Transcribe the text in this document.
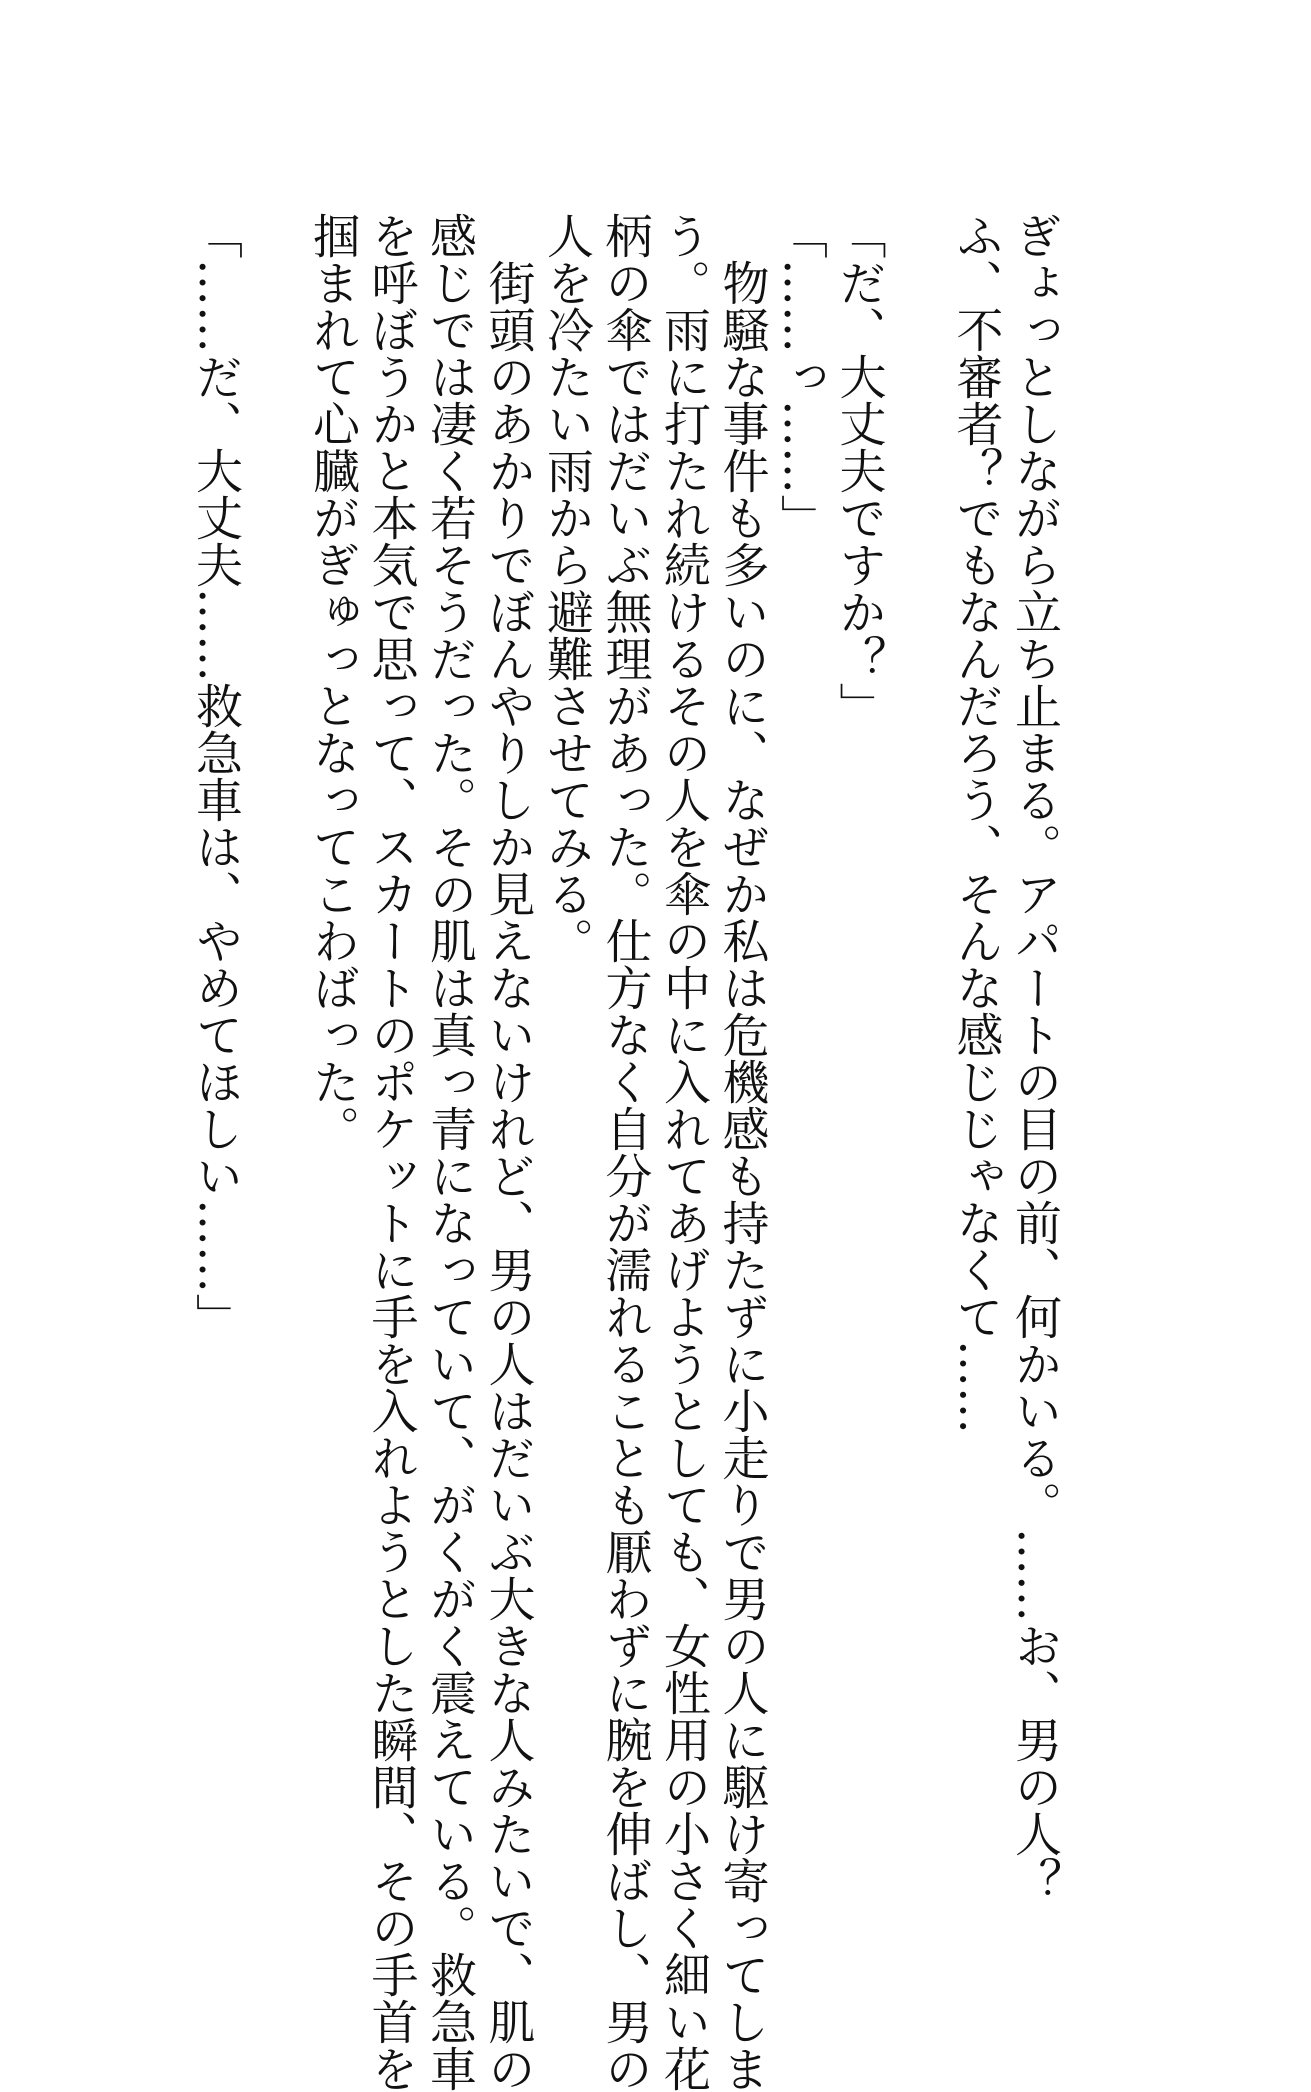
ぎょっとしながら立ち止まる。アパートの目の前、何かいる。……お、男の人？
ふ、不審者？でもなんだろう、そんな感じじゃなくて……

「だ、大丈夫ですか？」
「……っ……」
　物騒な事件も多いのに、なぜか私は危機感も持たずに小走りで男の人に駆け寄ってしま
う。雨に打たれ続けるその人を傘の中に入れてあげようとしても、女性用の小さく細い花
柄の傘ではだいぶ無理があった。仕方なく自分が濡れることも厭わずに腕を伸ばし、男の
人を冷たい雨から避難させてみる。
　街頭のあかりでぼんやりしか見えないけれど、男の人はだいぶ大きな人みたいで、肌の
感じでは凄く若そうだった。その肌は真っ青になっていて、がくがく震えている。救急車
を呼ぼうかと本気で思って、スカートのポケットに手を入れようとした瞬間、その手首を
掴まれて心臓がぎゅっとなってこわばった。

「……だ、大丈夫……救急車は、やめてほしい……」
